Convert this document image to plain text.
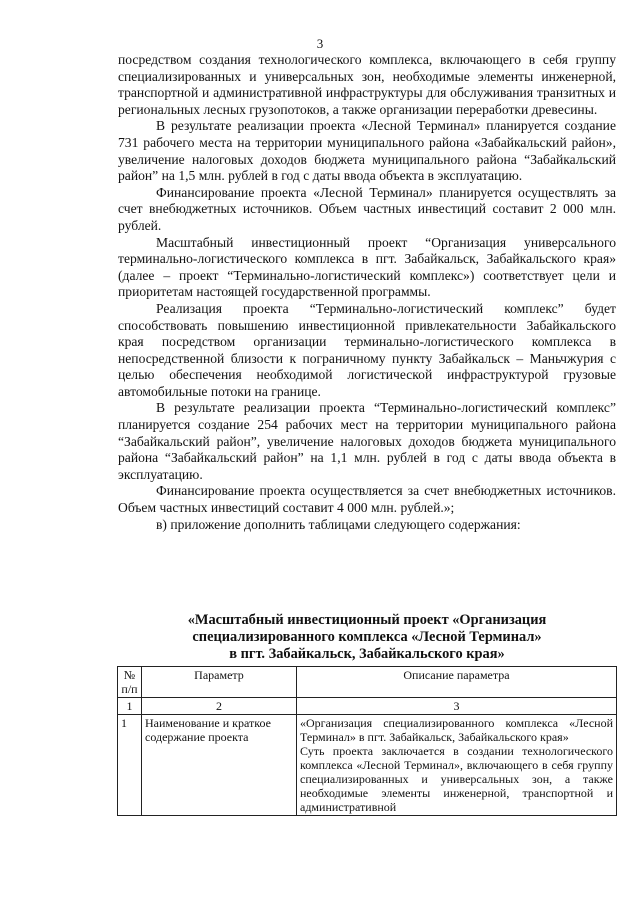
3

посредством создания технологического комплекса, включающего в себя группу специализированных и универсальных зон, необходимые элементы инженерной, транспортной и административной инфраструктуры для обслуживания транзитных и региональных лесных грузопотоков, а также организации переработки древесины.

В результате реализации проекта «Лесной Терминал» планируется создание 731 рабочего места на территории муниципального района «Забайкальский район», увеличение налоговых доходов бюджета муниципального района “Забайкальский район” на 1,5 млн. рублей в год с даты ввода объекта в эксплуатацию.

Финансирование проекта «Лесной Терминал» планируется осуществлять за счет внебюджетных источников. Объем частных инвестиций составит 2 000 млн. рублей.

Масштабный инвестиционный проект “Организация универсального терминально-логистического комплекса в пгт. Забайкальск, Забайкальского края» (далее – проект “Терминально-логистический комплекс») соответствует цели и приоритетам настоящей государственной программы.

Реализация проекта “Терминально-логистический комплекс” будет способствовать повышению инвестиционной привлекательности Забайкальского края посредством организации терминально-логистического комплекса в непосредственной близости к пограничному пункту Забайкальск – Маньчжурия с целью обеспечения необходимой логистической инфраструктурой грузовые автомобильные потоки на границе.

В результате реализации проекта “Терминально-логистический комплекс” планируется создание 254 рабочих мест на территории муниципального района “Забайкальский район”, увеличение налоговых доходов бюджета муниципального района “Забайкальский район” на 1,1 млн. рублей в год с даты ввода объекта в эксплуатацию.

Финансирование проекта осуществляется за счет внебюджетных источников. Объем частных инвестиций составит 4 000 млн. рублей.»;

в) приложение дополнить таблицами следующего содержания:

«Масштабный инвестиционный проект «Организация
специализированного комплекса «Лесной Терминал»
в пгт. Забайкальск, Забайкальского края»
№ п/п	Параметр	Описание параметра
1	2	3
1	Наименование и краткое содержание проекта	«Организация специализированного комплекса «Лесной Терминал» в пгт. Забайкальск, Забайкальского края»

Суть проекта заключается в создании технологического комплекса «Лесной Терминал», включающего в себя группу специализированных и универсальных зон, а также необходимые элементы инженерной, транспортной и административной
